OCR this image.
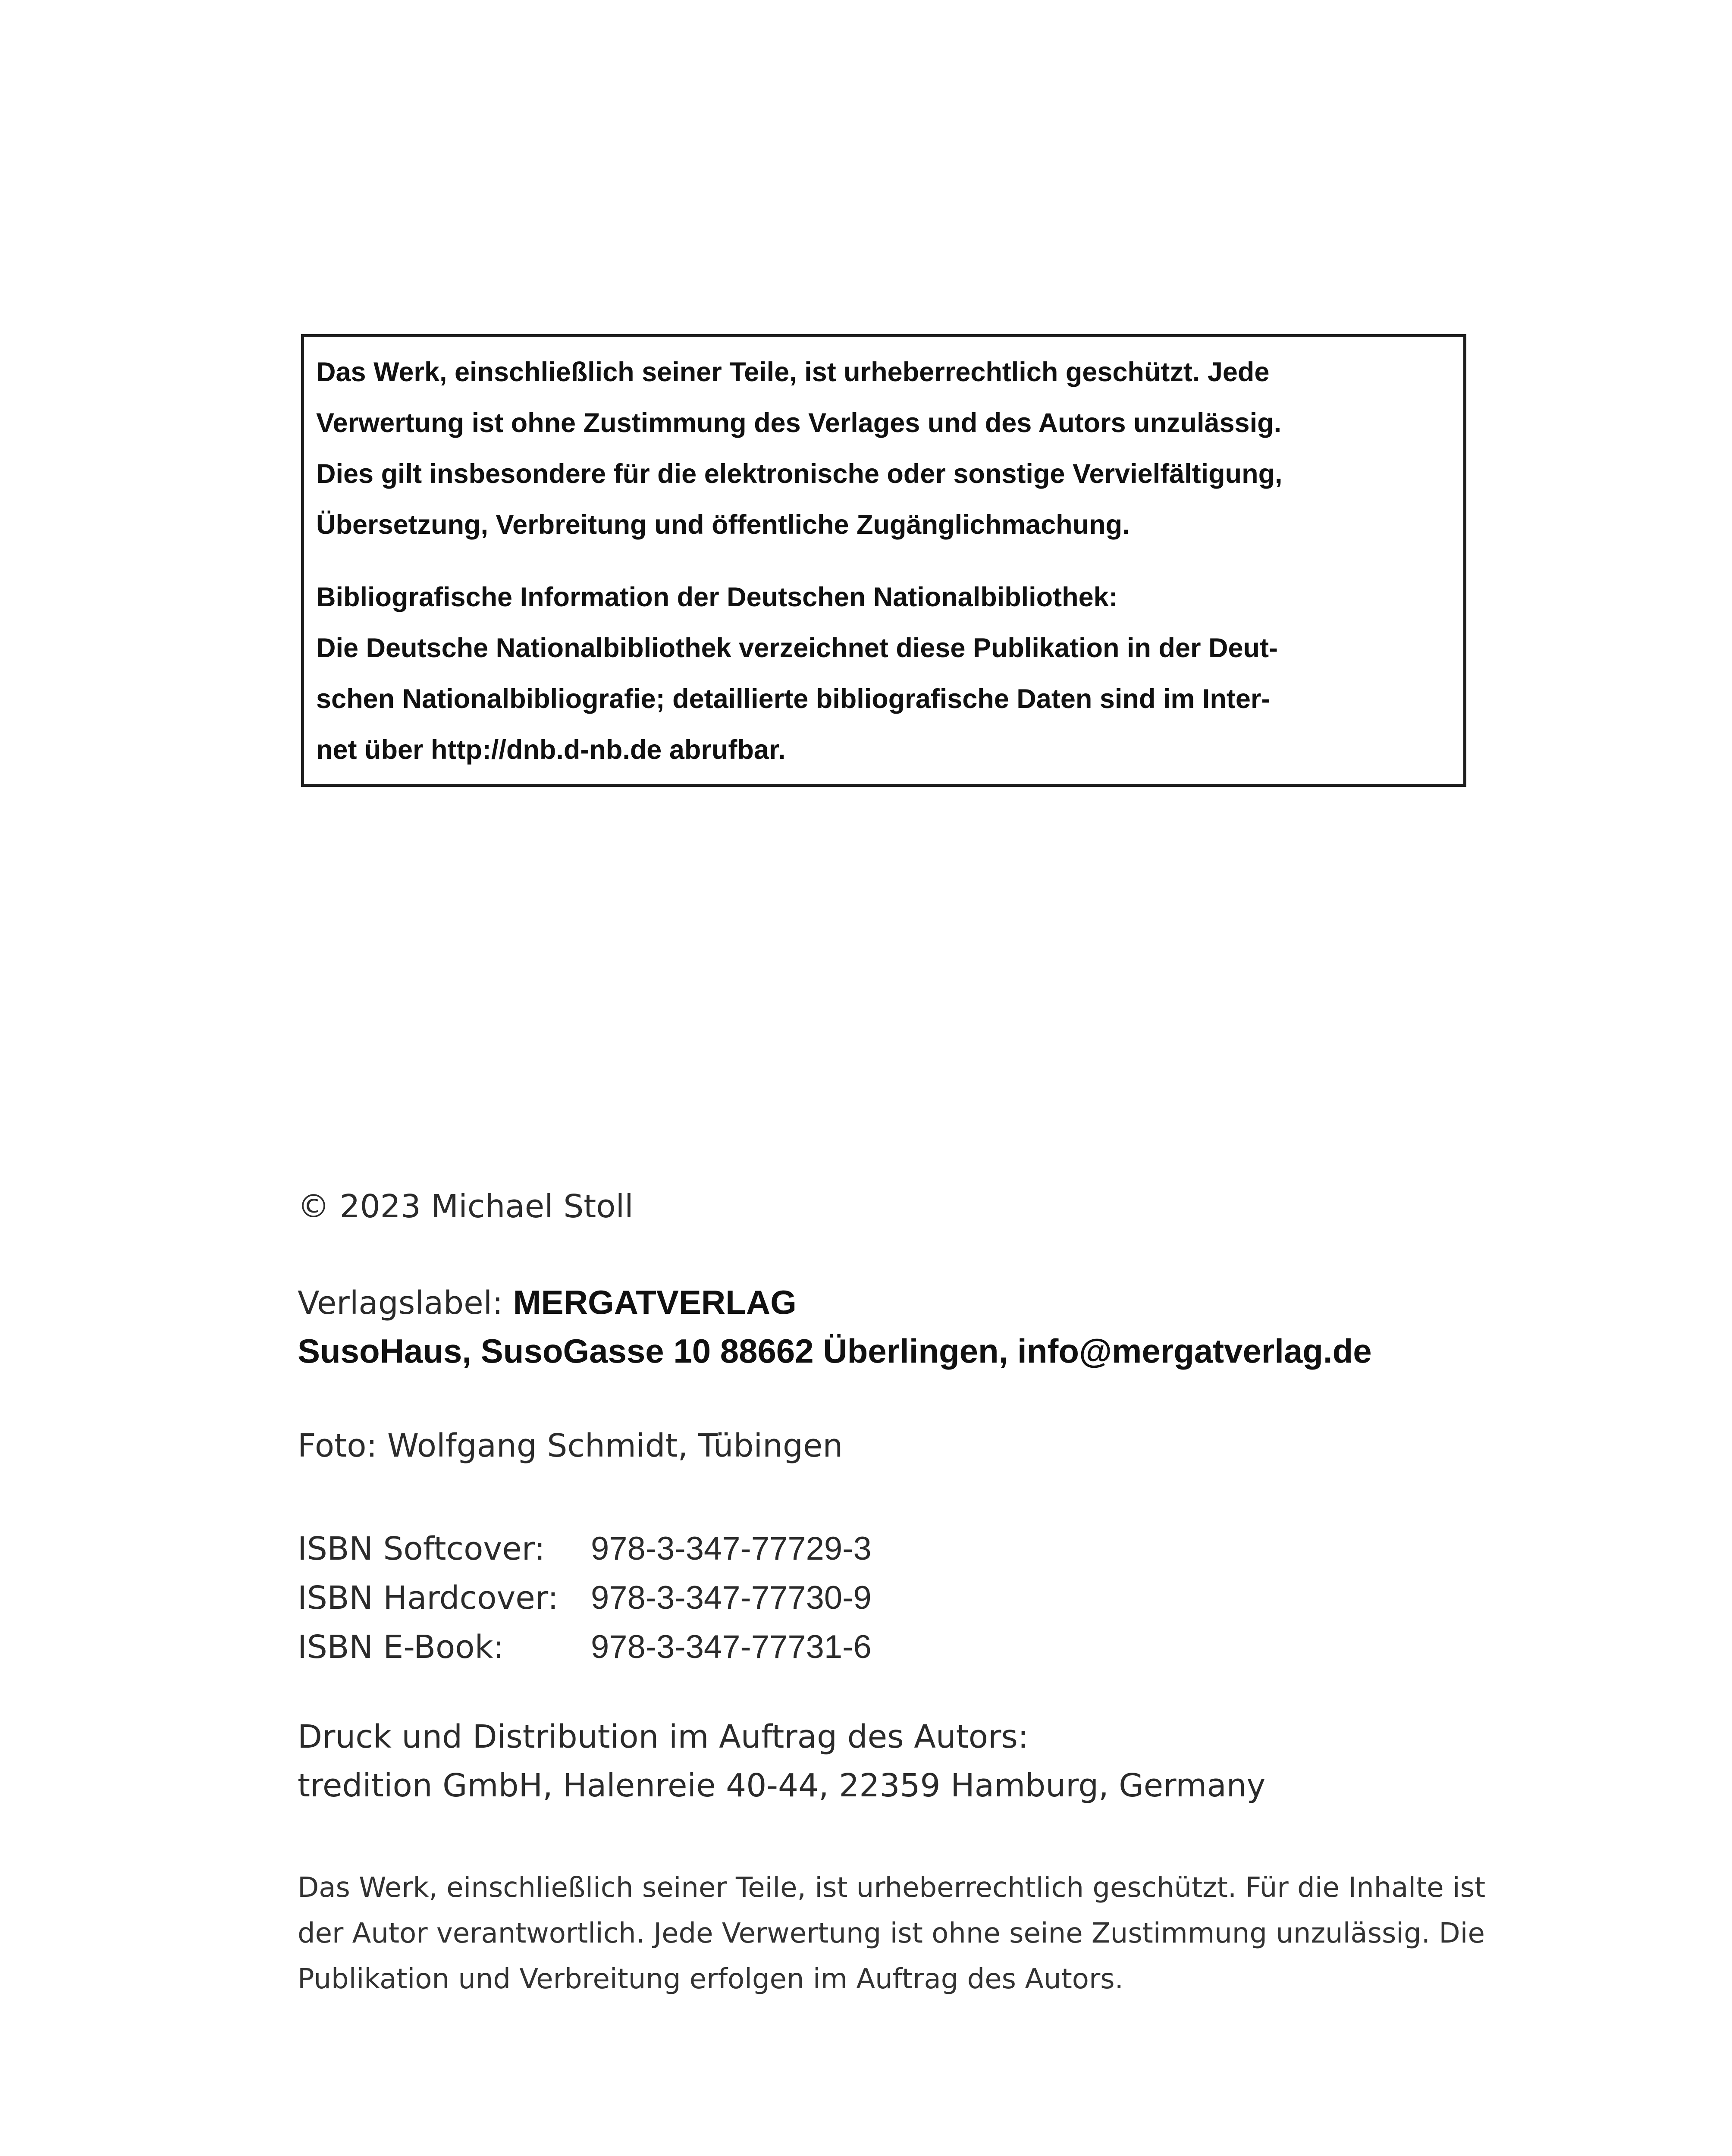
Das Werk, einschließlich seiner Teile, ist urheberrechtlich geschützt. Jede
Verwertung ist ohne Zustimmung des Verlages und des Autors unzulässig.
Dies gilt insbesondere für die elektronische oder sonstige Vervielfältigung,
Übersetzung, Verbreitung und öffentliche Zugänglichmachung.
Bibliografische Information der Deutschen Nationalbibliothek:
Die Deutsche Nationalbibliothek verzeichnet diese Publikation in der Deut-
schen Nationalbibliografie; detaillierte bibliografische Daten sind im Inter-
net über http://dnb.d-nb.de abrufbar.
© 2023 Michael Stoll
Verlagslabel: MERGATVERLAG
SusoHaus, SusoGasse 10 88662 Überlingen, info@mergatverlag.de
Foto: Wolfgang Schmidt, Tübingen
ISBN Softcover: 978-3-347-77729-3
ISBN Hardcover: 978-3-347-77730-9
ISBN E-Book:	978-3-347-77731-6
Druck und Distribution im Auftrag des Autors:
tredition GmbH, Halenreie 40-44, 22359 Hamburg, Germany
Das Werk, einschließlich seiner Teile, ist urheberrechtlich geschützt. Für die Inhalte ist
der Autor verantwortlich. Jede Verwertung ist ohne seine Zustimmung unzulässig. Die
Publikation und Verbreitung erfolgen im Auftrag des Autors.
